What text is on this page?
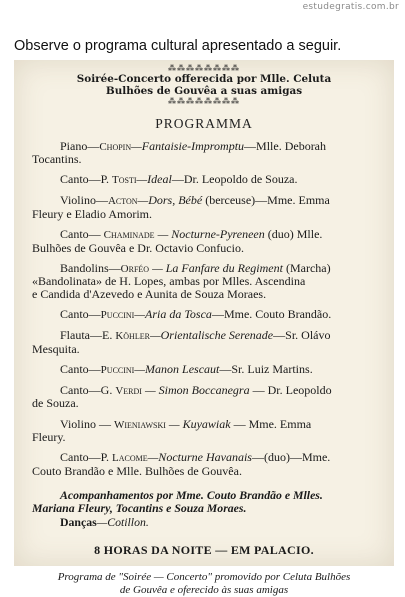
estudegratis.com.br
Observe o programa cultural apresentado a seguir.
⁂⁂⁂⁂⁂⁂⁂⁂
Soirée-Concerto offerecida por Mlle. Celuta
Bulhões de Gouvêa a suas amigas
⁂⁂⁂⁂⁂⁂⁂⁂
PROGRAMMA
Piano—Chopin—Fantaisie-Impromptu—Mlle. Deborah
Tocantins.
Canto—P. Tosti—Ideal—Dr. Leopoldo de Souza.
Violino—Acton—Dors, Bébé (berceuse)—Mme. Emma
Fleury e Eladio Amorim.
Canto— Chaminade — Nocturne-Pyreneen (duo) Mlle.
Bulhões de Gouvêa e Dr. Octavio Confucio.
Bandolins—Orféo — La Fanfare du Regiment (Marcha)
«Bandolinata» de H. Lopes, ambas por Mlles. Ascendina
e Candida d'Azevedo e Aunita de Souza Moraes.
Canto—Puccini—Aria da Tosca—Mme. Couto Brandão.
Flauta—E. Köhler—Orientalische Serenade—Sr. Olávo
Mesquita.
Canto—Puccini—Manon Lescaut—Sr. Luiz Martins.
Canto—G. Verdi — Simon Boccanegra — Dr. Leopoldo
de Souza.
Violino — Wieniawski — Kuyawiak — Mme. Emma
Fleury.
Canto—P. Lacome—Nocturne Havanais—(duo)—Mme.
Couto Brandão e Mlle. Bulhões de Gouvêa.
Acompanhamentos por Mme. Couto Brandão e Mlles.
Mariana Fleury, Tocantins e Souza Moraes.
Danças—Cotillon.
8 HORAS DA NOITE — EM PALACIO.
Programa de "Soirée — Concerto" promovido por Celuta Bulhões
de Gouvêa e oferecido às suas amigas
